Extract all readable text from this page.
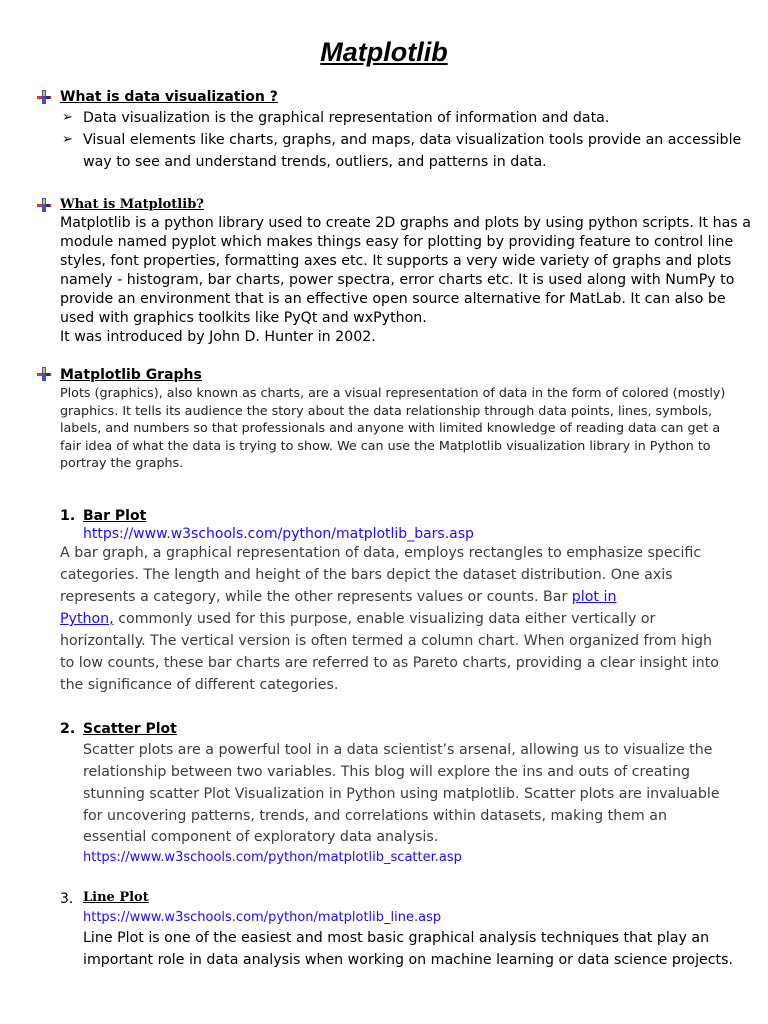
Matplotlib
What is data visualization ?
➢ Data visualization is the graphical representation of information and data.
➢ Visual elements like charts, graphs, and maps, data visualization tools provide an accessible
way to see and understand trends, outliers, and patterns in data.
What is Matplotlib?
Matplotlib is a python library used to create 2D graphs and plots by using python scripts. It has a
module named pyplot which makes things easy for plotting by providing feature to control line
styles, font properties, formatting axes etc. It supports a very wide variety of graphs and plots
namely - histogram, bar charts, power spectra, error charts etc. It is used along with NumPy to
provide an environment that is an effective open source alternative for MatLab. It can also be
used with graphics toolkits like PyQt and wxPython.
It was introduced by John D. Hunter in 2002.
Matplotlib Graphs
Plots (graphics), also known as charts, are a visual representation of data in the form of colored (mostly)
graphics. It tells its audience the story about the data relationship through data points, lines, symbols,
labels, and numbers so that professionals and anyone with limited knowledge of reading data can get a
fair idea of what the data is trying to show. We can use the Matplotlib visualization library in Python to
portray the graphs.
1. Bar Plot
https://www.w3schools.com/python/matplotlib_bars.asp
A bar graph, a graphical representation of data, employs rectangles to emphasize specific
categories. The length and height of the bars depict the dataset distribution. One axis
represents a category, while the other represents values or counts. Bar plot in
Python, commonly used for this purpose, enable visualizing data either vertically or
horizontally. The vertical version is often termed a column chart. When organized from high
to low counts, these bar charts are referred to as Pareto charts, providing a clear insight into
the significance of different categories.
2. Scatter Plot
Scatter plots are a powerful tool in a data scientist’s arsenal, allowing us to visualize the
relationship between two variables. This blog will explore the ins and outs of creating
stunning scatter Plot Visualization in Python using matplotlib. Scatter plots are invaluable
for uncovering patterns, trends, and correlations within datasets, making them an
essential component of exploratory data analysis.
https://www.w3schools.com/python/matplotlib_scatter.asp
3. Line Plot
https://www.w3schools.com/python/matplotlib_line.asp
Line Plot is one of the easiest and most basic graphical analysis techniques that play an
important role in data analysis when working on machine learning or data science projects.
